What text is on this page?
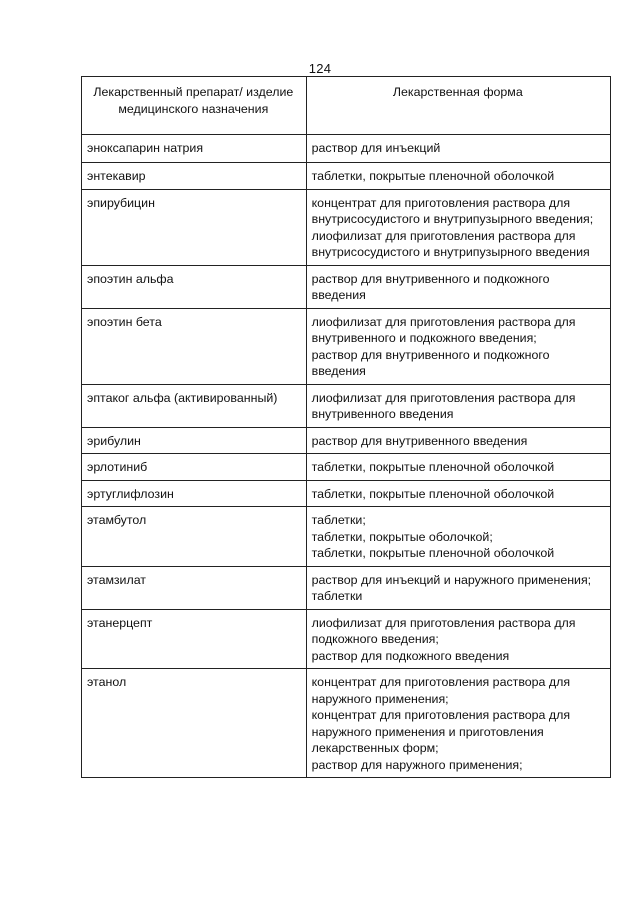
124
Лекарственный препарат/ изделие медицинского назначения	Лекарственная форма
эноксапарин натрия	раствор для инъекций
энтекавир	таблетки, покрытые пленочной оболочкой
эпирубицин	концентрат для приготовления раствора для внутрисосудистого и внутрипузырного введения;
лиофилизат для приготовления раствора для внутрисосудистого и внутрипузырного введения
эпоэтин альфа	раствор для внутривенного и подкожного введения
эпоэтин бета	лиофилизат для приготовления раствора для внутривенного и подкожного введения;
раствор для внутривенного и подкожного введения
эптаког альфа (активированный)	лиофилизат для приготовления раствора для внутривенного введения
эрибулин	раствор для внутривенного введения
эрлотиниб	таблетки, покрытые пленочной оболочкой
эртуглифлозин	таблетки, покрытые пленочной оболочкой
этамбутол	таблетки;
таблетки, покрытые оболочкой;
таблетки, покрытые пленочной оболочкой
этамзилат	раствор для инъекций и наружного применения;
таблетки
этанерцепт	лиофилизат для приготовления раствора для подкожного введения;
раствор для подкожного введения
этанол	концентрат для приготовления раствора для наружного применения;
концентрат для приготовления раствора для наружного применения и приготовления лекарственных форм;
раствор для наружного применения;
